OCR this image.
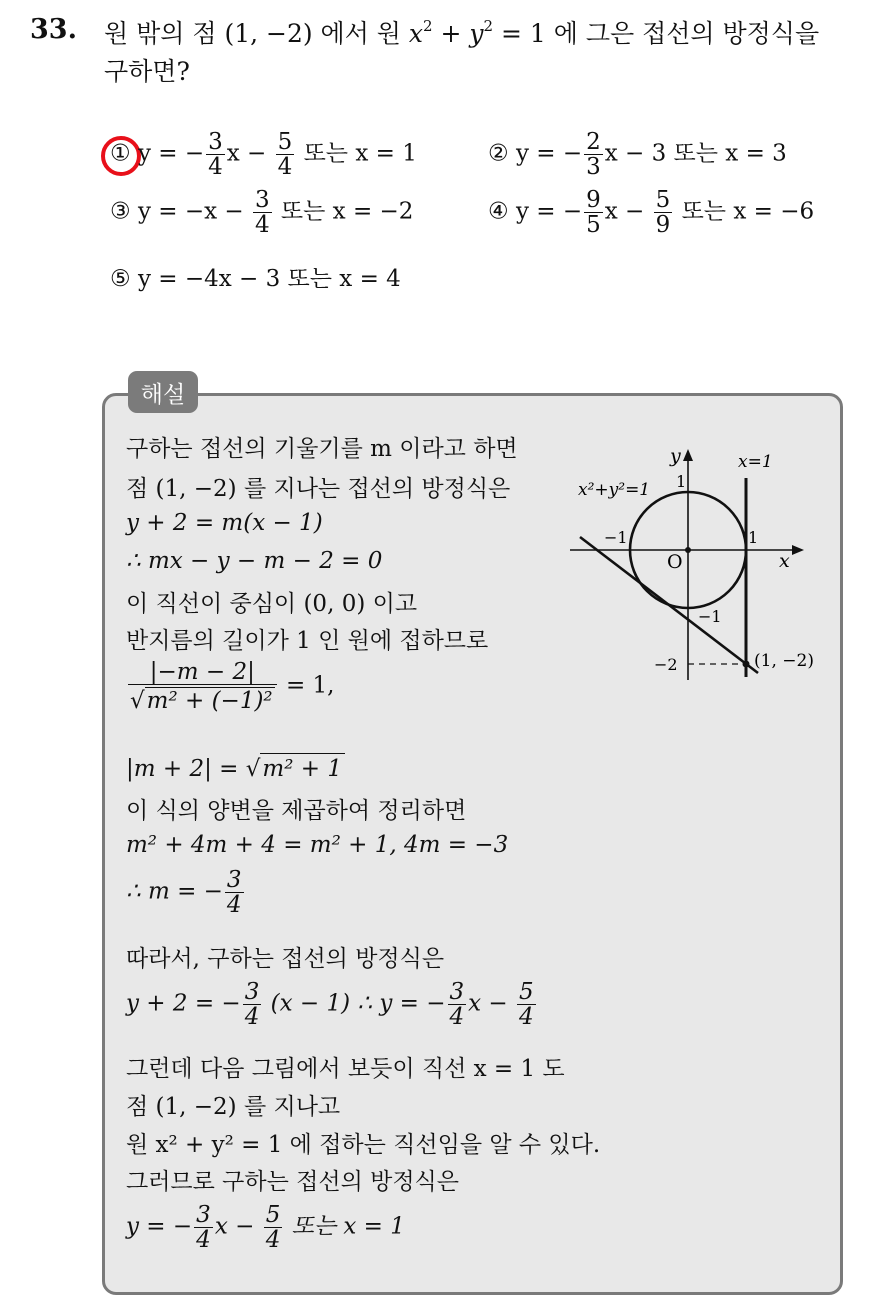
33. 원 밖의 점 (1, −2) 에서 원 $x^2 + y^2 = 1$ 에 그은 접선의 방정식을
구하면?
① y = − $\frac{3}{4}$ $x - \frac{5}{4}$ 또는 x = 1	② y = − $\frac{2}{3}$ x − 3 또는 x = 3
③ $y = -x - \frac{3}{4}$ 또는 x = −2	④ y = − $\frac{9}{5}$ $x - \frac{5}{9}$ 또는 x = −6
⑤ y = −4x − 3 또는 x = 4
해설
구하는 접선의 기울기를 m 이라고 하면
점 (1, −2) 를 지나는 접선의 방정식은
y + 2 = m(x − 1)
∴ mx − y − m − 2 = 0
이 직선이 중심이 (0, 0) 이고
반지름의 길이가 1 인 원에 접하므로
$\frac{|-m - 2|}{\text{√m² + (−1)²}} = 1$,
|m + 2| = √m² + 1
이 식의 양변을 제곱하여 정리하면
m² + 4m + 4 = m² + 1, 4m = −3
∴ m = − $\frac{3}{4}$
따라서, 구하는 접선의 방정식은
y + 2 = − $\frac{3}{4} (x - 1)$ ∴ y = − $\frac{3}{4}$ $x - \frac{5}{4}$
그런데 다음 그림에서 보듯이 직선 x = 1 도
점 (1, −2) 를 지나고
원 x² + y² = 1 에 접하는 직선임을 알 수 있다.
그러므로 구하는 접선의 방정식은
y = − $\frac{3}{4}$ $x - \frac{5}{4}$ 또는 x = 1
y
x
x=1
x²+y²=1
O
1
−1
1
−1
−2	(1, −2)
